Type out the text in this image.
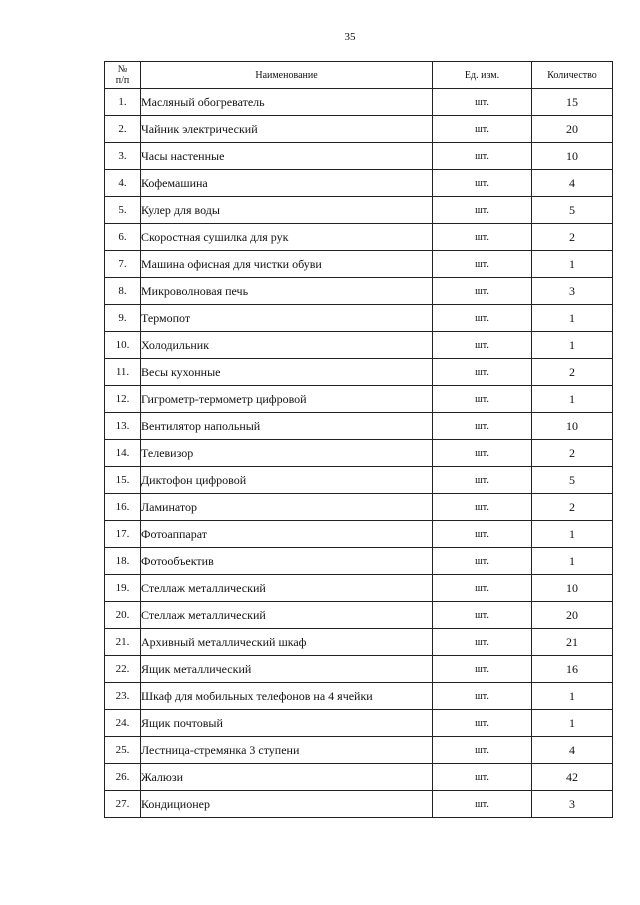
35
№
п/п	Наименование	Ед. изм.	Количество
1.	Масляный обогреватель	шт.	15
2.	Чайник электрический	шт.	20
3.	Часы настенные	шт.	10
4.	Кофемашина	шт.	4
5.	Кулер для воды	шт.	5
6.	Скоростная сушилка для рук	шт.	2
7.	Машина офисная для чистки обуви	шт.	1
8.	Микроволновая печь	шт.	3
9.	Термопот	шт.	1
10.	Холодильник	шт.	1
11.	Весы кухонные	шт.	2
12.	Гигрометр-термометр цифровой	шт.	1
13.	Вентилятор напольный	шт.	10
14.	Телевизор	шт.	2
15.	Диктофон цифровой	шт.	5
16.	Ламинатор	шт.	2
17.	Фотоаппарат	шт.	1
18.	Фотообъектив	шт.	1
19.	Стеллаж металлический	шт.	10
20.	Стеллаж металлический	шт.	20
21.	Архивный металлический шкаф	шт.	21
22.	Ящик металлический	шт.	16
23.	Шкаф для мобильных телефонов на 4 ячейки	шт.	1
24.	Ящик почтовый	шт.	1
25.	Лестница-стремянка 3 ступени	шт.	4
26.	Жалюзи	шт.	42
27.	Кондиционер	шт.	3
